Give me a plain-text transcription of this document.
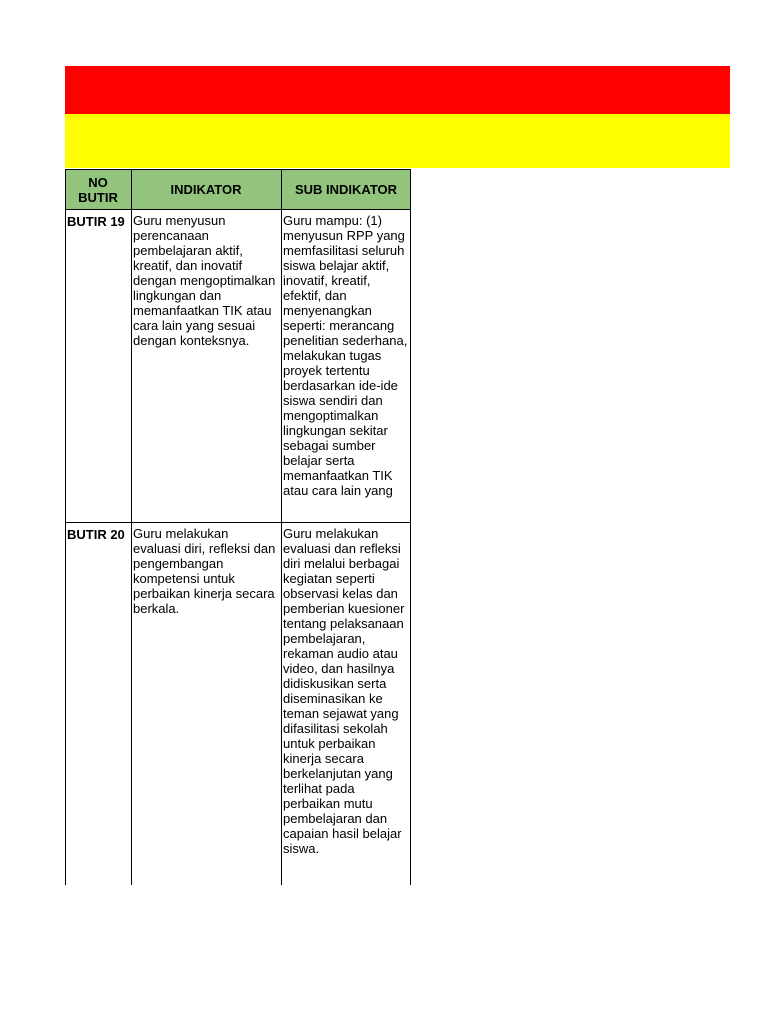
NO BUTIR	INDIKATOR	SUB INDIKATOR
BUTIR 19 Guru menyusun perencanaan pembelajaran aktif, kreatif, dan inovatif dengan mengoptimalkan lingkungan dan memanfaatkan TIK atau cara lain yang sesuai dengan konteksnya.
Guru mampu: (1) menyusun RPP yang memfasilitasi seluruh siswa belajar aktif, inovatif, kreatif, efektif, dan menyenangkan seperti: merancang penelitian sederhana, melakukan tugas proyek tertentu berdasarkan ide-ide siswa sendiri dan mengoptimalkan lingkungan sekitar sebagai sumber belajar serta memanfaatkan TIK atau cara lain yang
BUTIR 20 Guru melakukan evaluasi diri, refleksi dan pengembangan kompetensi untuk perbaikan kinerja secara berkala.
Guru melakukan evaluasi dan refleksi diri melalui berbagai kegiatan seperti observasi kelas dan pemberian kuesioner tentang pelaksanaan pembelajaran, rekaman audio atau video, dan hasilnya didiskusikan serta diseminasikan ke teman sejawat yang difasilitasi sekolah untuk perbaikan kinerja secara berkelanjutan yang terlihat pada perbaikan mutu pembelajaran dan capaian hasil belajar siswa.
